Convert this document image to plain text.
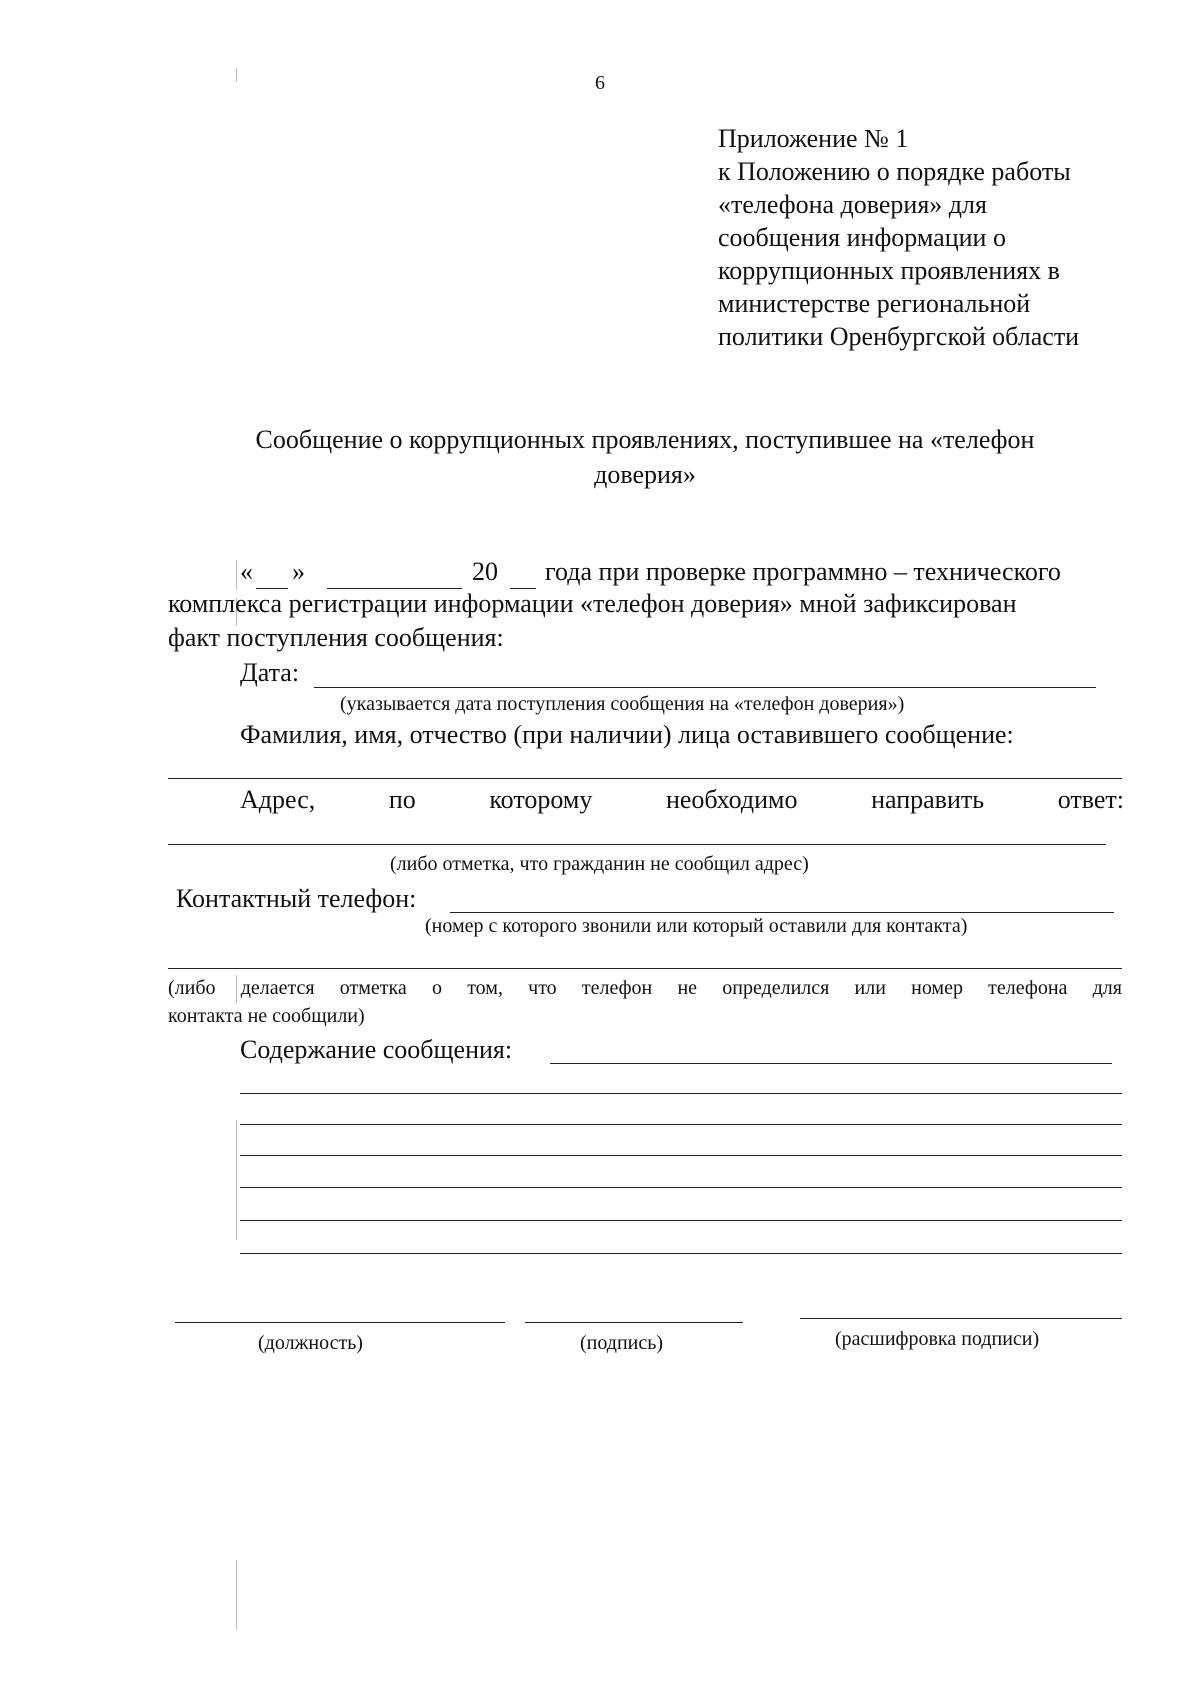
6
Приложение № 1
к Положению о порядке работы
«телефона доверия» для
сообщения информации о
коррупционных проявлениях в
министерстве региональной
политики Оренбургской области
Сообщение о коррупционных проявлениях, поступившее на «телефон
доверия»
« »	20 года при проверке программно – технического
комплекса регистрации информации «телефон доверия» мной зафиксирован
факт поступления сообщения:
Дата:
(указывается дата поступления сообщения на «телефон доверия»)
Фамилия, имя, отчество (при наличии) лица оставившего сообщение:
Адрес,	по	которому	необходимо	направить	ответ:
(либо отметка, что гражданин не сообщил адрес)
Контактный телефон:
(номер с которого звонили или который оставили для контакта)
(либо делается отметка о том, что телефон не определился или номер телефона для
контакта не сообщили)
Содержание сообщения:
(должность)	(подпись)	(расшифровка подписи)
